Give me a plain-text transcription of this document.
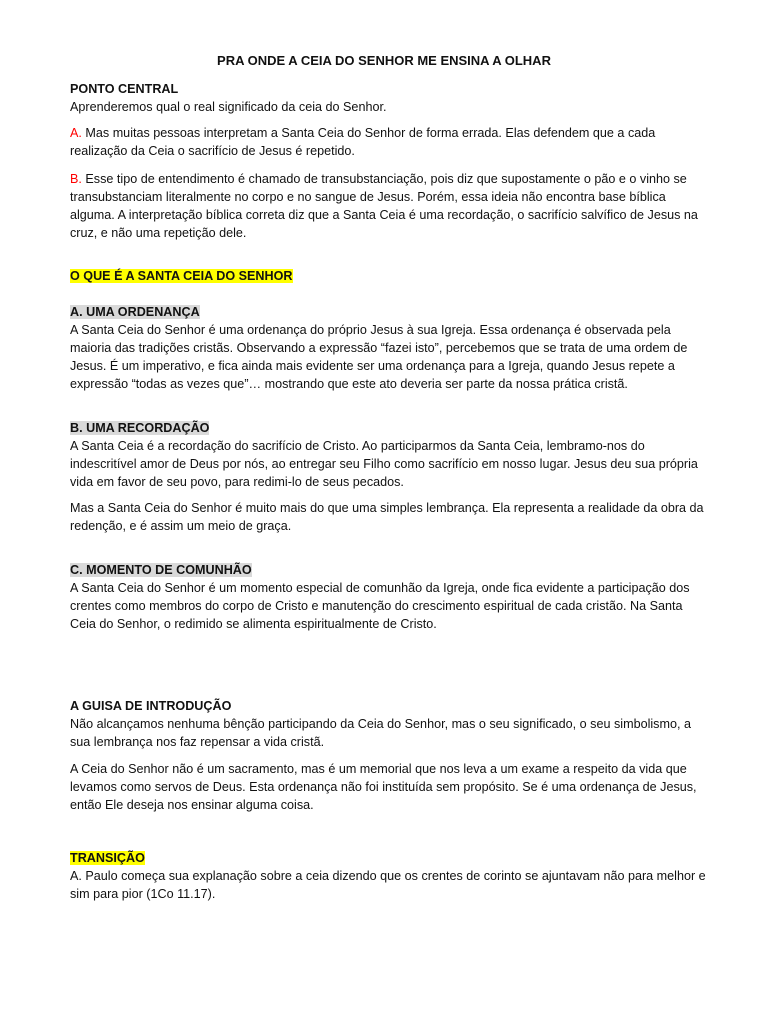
PRA ONDE A CEIA DO SENHOR ME ENSINA A OLHAR

PONTO CENTRAL

Aprenderemos qual o real significado da ceia do Senhor.

A. Mas muitas pessoas interpretam a Santa Ceia do Senhor de forma errada. Elas defendem que a cada realização da Ceia o sacrifício de Jesus é repetido.

B. Esse tipo de entendimento é chamado de transubstanciação, pois diz que supostamente o pão e o vinho se transubstanciam literalmente no corpo e no sangue de Jesus. Porém, essa ideia não encontra base bíblica alguma. A interpretação bíblica correta diz que a Santa Ceia é uma recordação, o sacrifício salvífico de Jesus na cruz, e não uma repetição dele.

O QUE É A SANTA CEIA DO SENHOR
A. UMA ORDENANÇA

A Santa Ceia do Senhor é uma ordenança do próprio Jesus à sua Igreja. Essa ordenança é observada pela maioria das tradições cristãs. Observando a expressão “fazei isto”, percebemos que se trata de uma ordem de Jesus. É um imperativo, e fica ainda mais evidente ser uma ordenança para a Igreja, quando Jesus repete a expressão “todas as vezes que”… mostrando que este ato deveria ser parte da nossa prática cristã.

B. UMA RECORDAÇÃO

A Santa Ceia é a recordação do sacrifício de Cristo. Ao participarmos da Santa Ceia, lembramo-nos do indescritível amor de Deus por nós, ao entregar seu Filho como sacrifício em nosso lugar. Jesus deu sua própria vida em favor de seu povo, para redimi-lo de seus pecados.

Mas a Santa Ceia do Senhor é muito mais do que uma simples lembrança. Ela representa a realidade da obra da redenção, e é assim um meio de graça.

C. MOMENTO DE COMUNHÃO

A Santa Ceia do Senhor é um momento especial de comunhão da Igreja, onde fica evidente a participação dos crentes como membros do corpo de Cristo e manutenção do crescimento espiritual de cada cristão. Na Santa Ceia do Senhor, o redimido se alimenta espiritualmente de Cristo.

A GUISA DE INTRODUÇÃO

Não alcançamos nenhuma bênção participando da Ceia do Senhor, mas o seu significado, o seu simbolismo, a sua lembrança nos faz repensar a vida cristã.

A Ceia do Senhor não é um sacramento, mas é um memorial que nos leva a um exame a respeito da vida que levamos como servos de Deus. Esta ordenança não foi instituída sem propósito. Se é uma ordenança de Jesus, então Ele deseja nos ensinar alguma coisa.

TRANSIÇÃO

A. Paulo começa sua explanação sobre a ceia dizendo que os crentes de corinto se ajuntavam não para melhor e sim para pior (1Co 11.17).
